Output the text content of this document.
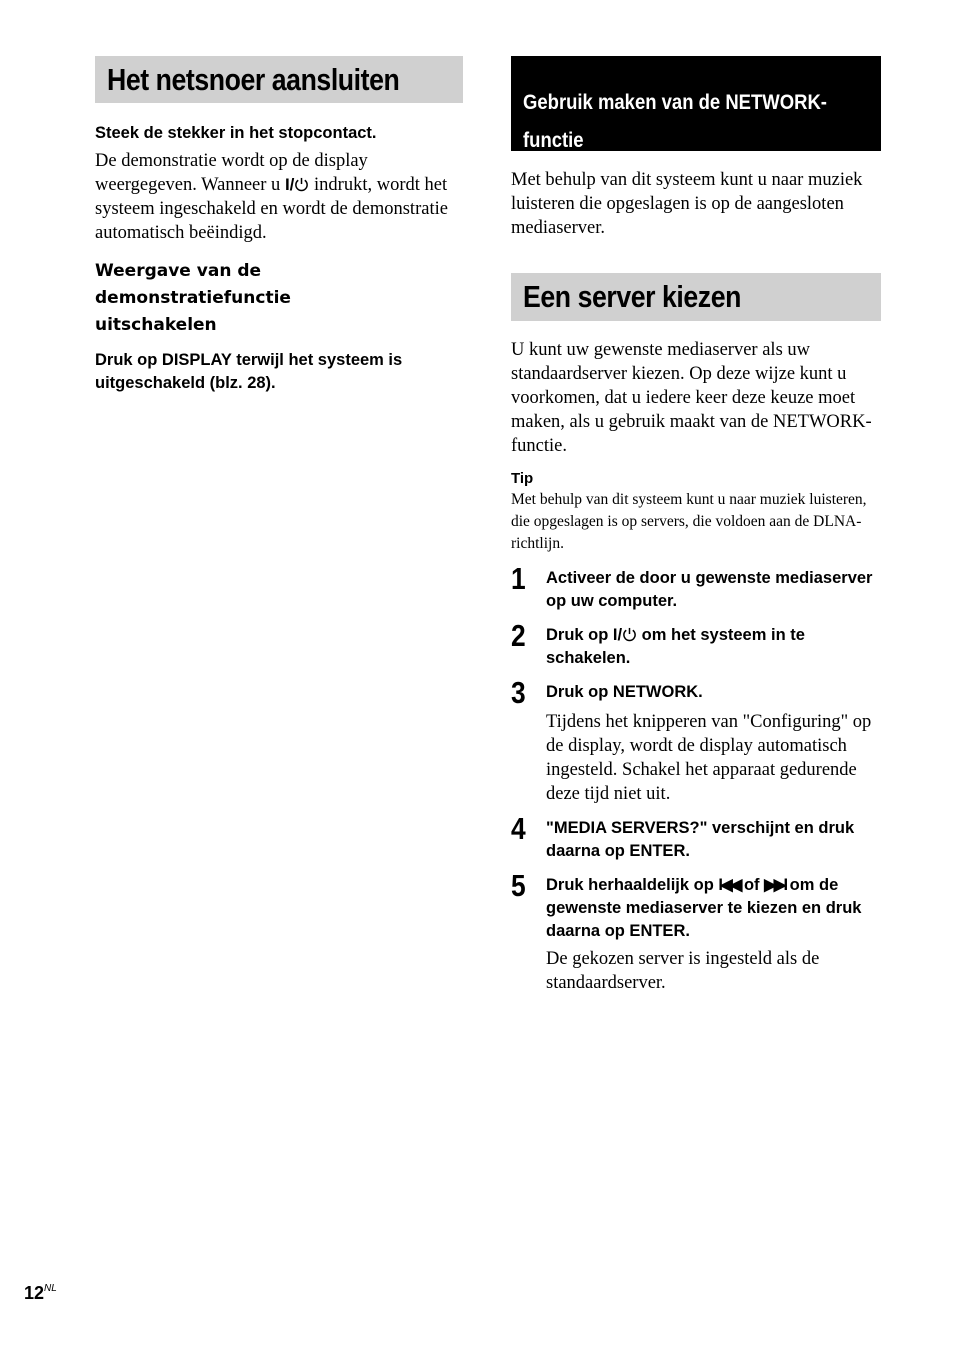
Het netsnoer aansluiten
Steek de stekker in het stopcontact.
De demonstratie wordt op de display weergegeven. Wanneer u I/ indrukt, wordt het systeem ingeschakeld en wordt de demonstratie automatisch beëindigd.
Weergave van de demonstratiefunctie uitschakelen
Druk op DISPLAY terwijl het systeem is uitgeschakeld (blz. 28).
Gebruik maken van de NETWORK-functie
Met behulp van dit systeem kunt u naar muziek luisteren die opgeslagen is op de aangesloten mediaserver.
Een server kiezen
U kunt uw gewenste mediaserver als uw standaardserver kiezen. Op deze wijze kunt u voorkomen, dat u iedere keer deze keuze moet maken, als u gebruik maakt van de NETWORK-functie.
Tip
Met behulp van dit systeem kunt u naar muziek luisteren, die opgeslagen is op servers, die voldoen aan de DLNA-richtlijn.
1 Activeer de door u gewenste mediaserver op uw computer.
2 Druk op I/ om het systeem in te schakelen.
3 Druk op NETWORK.
Tijdens het knipperen van "Configuring" op de display, wordt de display automatisch ingesteld. Schakel het apparaat gedurende deze tijd niet uit.
4 "MEDIA SERVERS?" verschijnt en druk daarna op ENTER.
5 Druk herhaaldelijk op I◀◀ of ▶▶I om de gewenste mediaserver te kiezen en druk daarna op ENTER.
De gekozen server is ingesteld als de standaardserver.
$12^{NL}$
